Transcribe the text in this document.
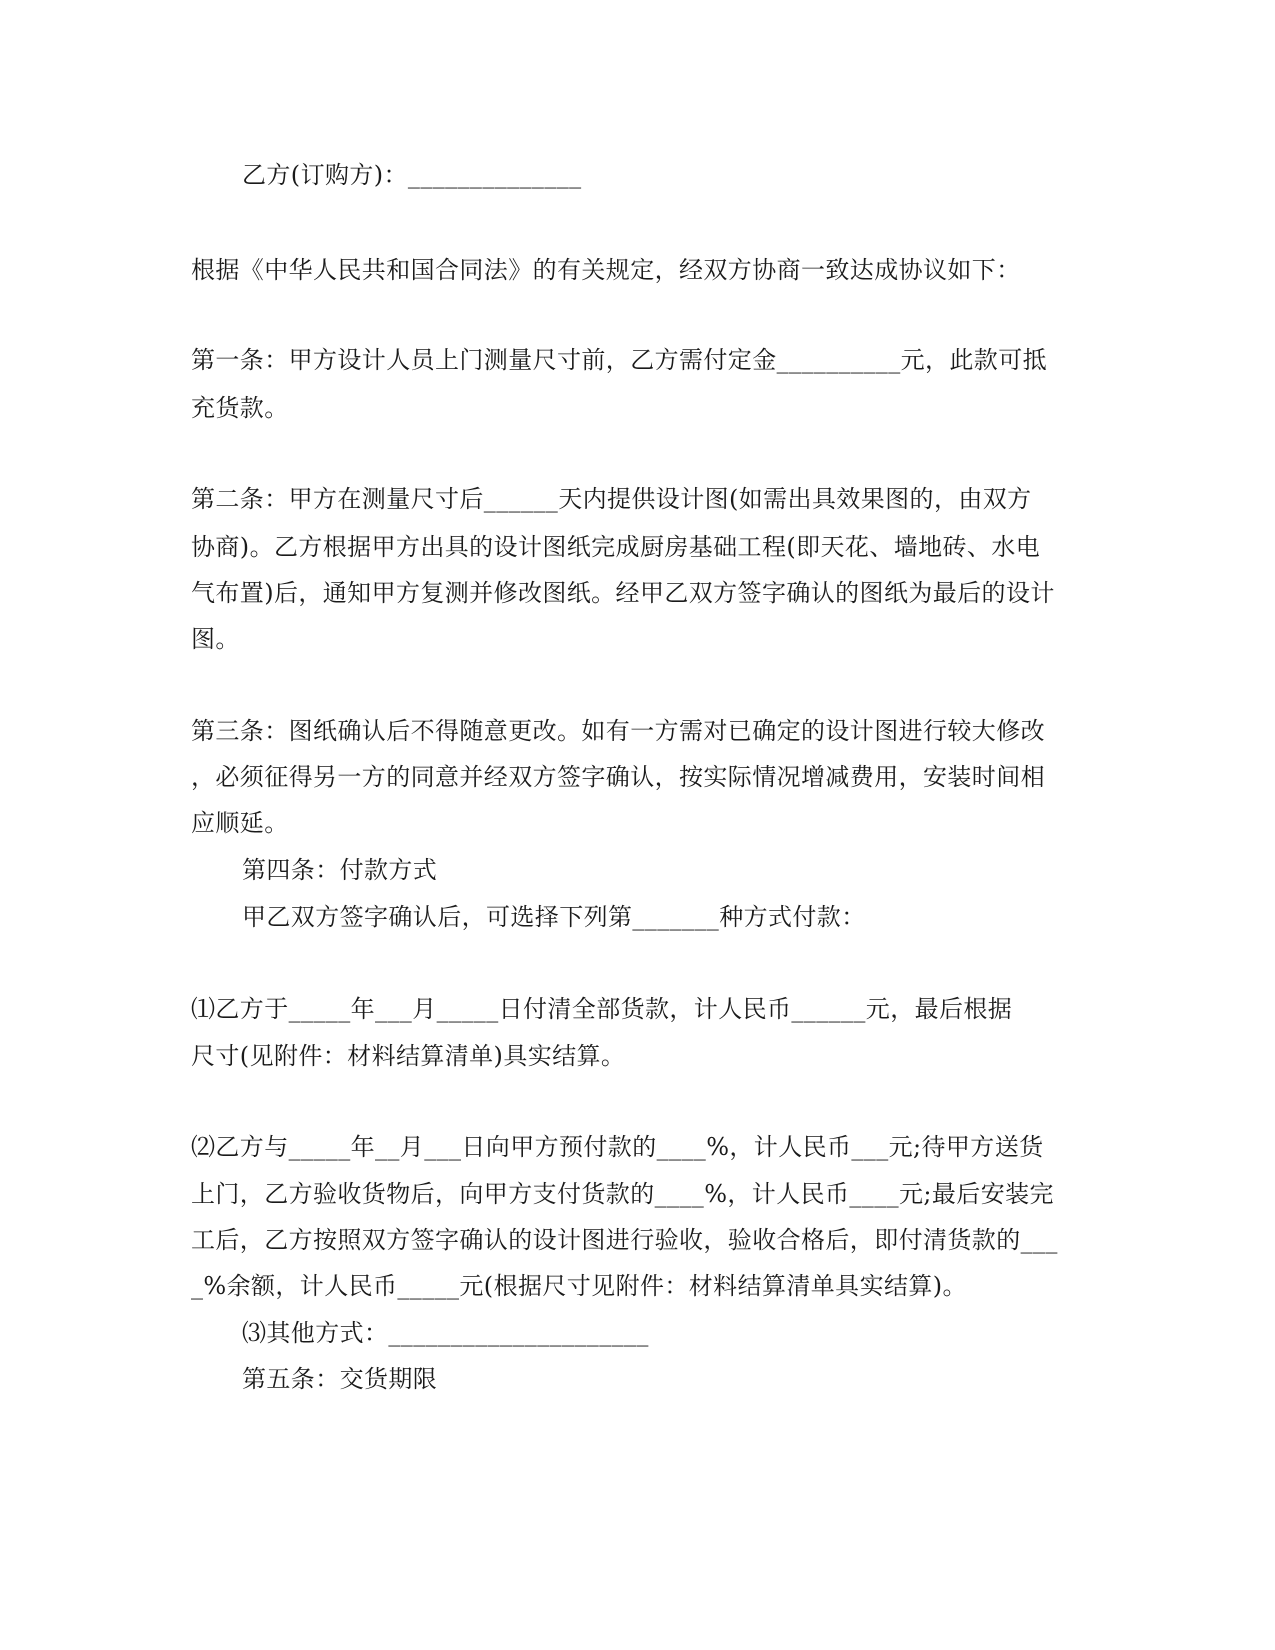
乙方(订购方)：______________
根据《中华人民共和国合同法》的有关规定，经双方协商一致达成协议如下：
第一条：甲方设计人员上门测量尺寸前，乙方需付定金__________元，此款可抵
充货款。
第二条：甲方在测量尺寸后______天内提供设计图(如需出具效果图的，由双方
协商)。乙方根据甲方出具的设计图纸完成厨房基础工程(即天花、墙地砖、水电
气布置)后，通知甲方复测并修改图纸。经甲乙双方签字确认的图纸为最后的设计
图。
第三条：图纸确认后不得随意更改。如有一方需对已确定的设计图进行较大修改
，必须征得另一方的同意并经双方签字确认，按实际情况增减费用，安装时间相
应顺延。
第四条：付款方式
甲乙双方签字确认后，可选择下列第_______种方式付款：
⑴乙方于_____年___月_____日付清全部货款，计人民币______元，最后根据
尺寸(见附件：材料结算清单)具实结算。
⑵乙方与_____年__月___日向甲方预付款的____%，计人民币___元;待甲方送货
上门，乙方验收货物后，向甲方支付货款的____%，计人民币____元;最后安装完
工后，乙方按照双方签字确认的设计图进行验收，验收合格后，即付清货款的___
_%余额，计人民币_____元(根据尺寸见附件：材料结算清单具实结算)。
⑶其他方式：_____________________
第五条：交货期限
